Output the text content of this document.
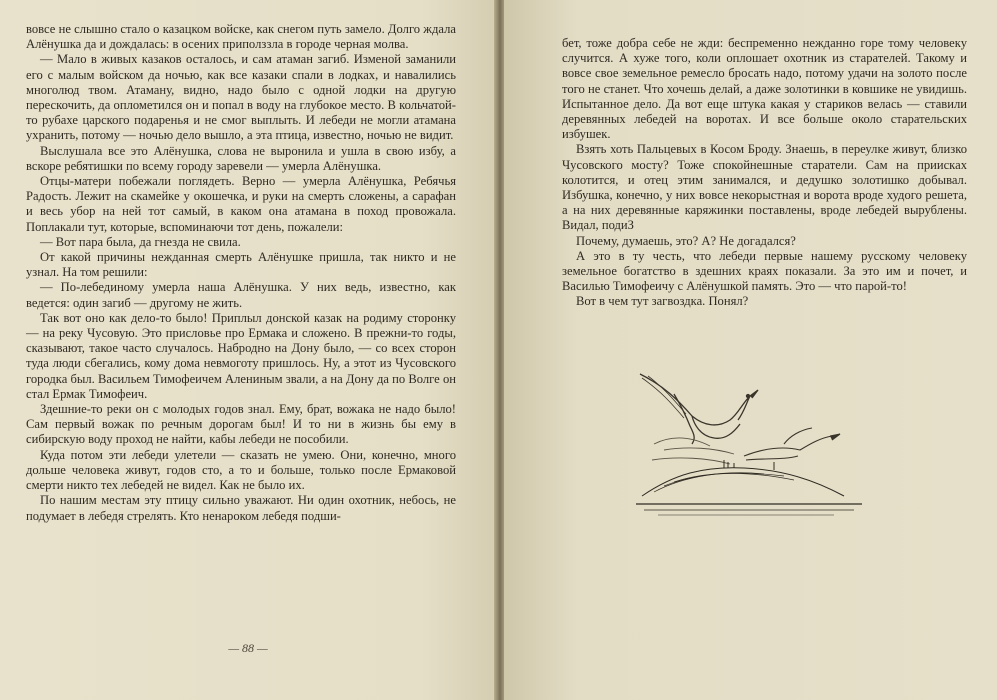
вовсе не слышно стало о казацком войске, как снегом путь замело. Долго ждала Алёнушка да и дождалась: в осених приполззла в городе черная молва.

— Мало в живых казаков осталось, и сам атаман загиб. Изменой заманили его с малым войском да ночью, как все казаки спали в лодках, и навалились многолюд твом. Атаману, видно, надо было с одной лодки на другую перескочить, да оплометился он и попал в воду на глубокое место. В кольчатой-то рубахе царского подаренья и не смог выплыть. И лебеди не могли атамана ухранить, потому — ночью дело вышло, а эта птица, известно, ночью не видит.

Выслушала все это Алёнушка, слова не выронила и ушла в свою избу, а вскоре ребятишки по всему городу заревели — умерла Алёнушка.

Отцы-матери побежали поглядеть. Верно — умерла Алёнушка, Ребячья Радость. Лежит на скамейке у окошечка, и руки на смерть сложены, а сарафан и весь убор на ней тот самый, в каком она атамана в поход провожала. Поплакали тут, которые, вспоминаючи тот день, пожалели:

— Вот пара была, да гнезда не свила.

От какой причины нежданная смерть Алёнушке пришла, так никто и не узнал. На том решили:

— По-лебединому умерла наша Алёнушка. У них ведь, известно, как ведется: один загиб — другому не жить.

Так вот оно как дело-то было! Приплыл донской казак на родиму сторонку — на реку Чусовую. Это присловье про Ермака и сложено. В прежни-то годы, сказывают, такое часто случалось. Набродно на Дону было, — со всех сторон туда люди сбегались, кому дома невмоготу пришлось. Ну, а этот из Чусовского городка был. Васильем Тимофеичем Алениным звали, а на Дону да по Волге он стал Ермак Тимофеич.

Здешние-то реки он с молодых годов знал. Ему, брат, вожака не надо было! Сам первый вожак по речным дорогам был! И то ни в жизнь бы ему в сибирскую воду проход не найти, кабы лебеди не пособили.

Куда потом эти лебеди улетели — сказать не умею. Они, конечно, много дольше человека живут, годов сто, а то и больше, только после Ермаковой смерти никто тех лебедей не видел. Как не было их.

По нашим местам эту птицу сильно уважают. Ни один охотник, небось, не подумает в лебедя стрелять. Кто ненароком лебедя подши-

— 88 —

бет, тоже добра себе не жди: беспременно нежданно горе тому человеку случится. А хуже того, коли оплошает охотник из старателей. Такому и вовсе свое земельное ремесло бросать надо, потому удачи на золото после того не станет. Что хочешь делай, а даже золотинки в ковшике не увидишь. Испытанное дело. Да вот еще штука какая у стариков велась — ставили деревянных лебедей на воротах. И все больше около старательских избушек.

Взять хоть Пальцевых в Косом Броду. Знаешь, в переулке живут, близко Чусовского мосту? Тоже спокойнешные старатели. Сам на приисках колотится, и отец этим занимался, и дедушко золотишко добывал. Избушка, конечно, у них вовсе некорыстная и ворота вроде худого решета, а на них деревянные каряжинки поставлены, вроде лебедей вырублены. Видал, подиЗ

Почему, думаешь, это? А? Не догадался?

А это в ту честь, что лебеди первые нашему русскому человеку земельное богатство в здешних краях показали. За это им и почет, и Василью Тимофеичу с Алёнушкой память. Это — что парой-то!

Вот в чем тут загвоздка. Понял?
